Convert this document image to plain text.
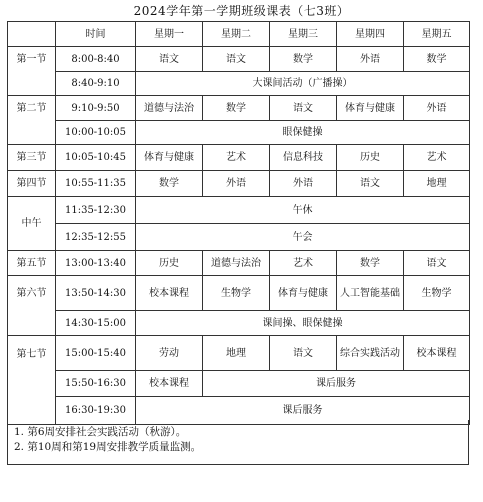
2024学年第一学期班级课表（七3班）
	时间	星期一	星期二	星期三	星期四	星期五
第一节	8:00-8:40	语文	语文	数学	外语	数学
	8:40-9:10	大课间活动（广播操）				
第二节	9:10-9:50	道德与法治	数学	语文	体育与健康	外语
	10:00-10:05	眼保健操				
第三节	10:05-10:45	体育与健康	艺术	信息科技	历史	艺术
第四节	10:55-11:35	数学	外语	外语	语文	地理
中午	11:35-12:30	午休				
	12:35-12:55	午会				
第五节	13:00-13:40	历史	道德与法治	艺术	数学	语文
第六节	13:50-14:30	校本课程	生物学	体育与健康	人工智能基础	生物学
	14:30-15:00	课间操、眼保健操				
第七节	15:00-15:40	劳动	地理	语文	综合实践活动	校本课程
	15:50-16:30	校本课程	课后服务			
	16:30-19:30	课后服务				
1. 第6周安排社会实践活动（秋游）。
2. 第10周和第19周安排教学质量监测。
